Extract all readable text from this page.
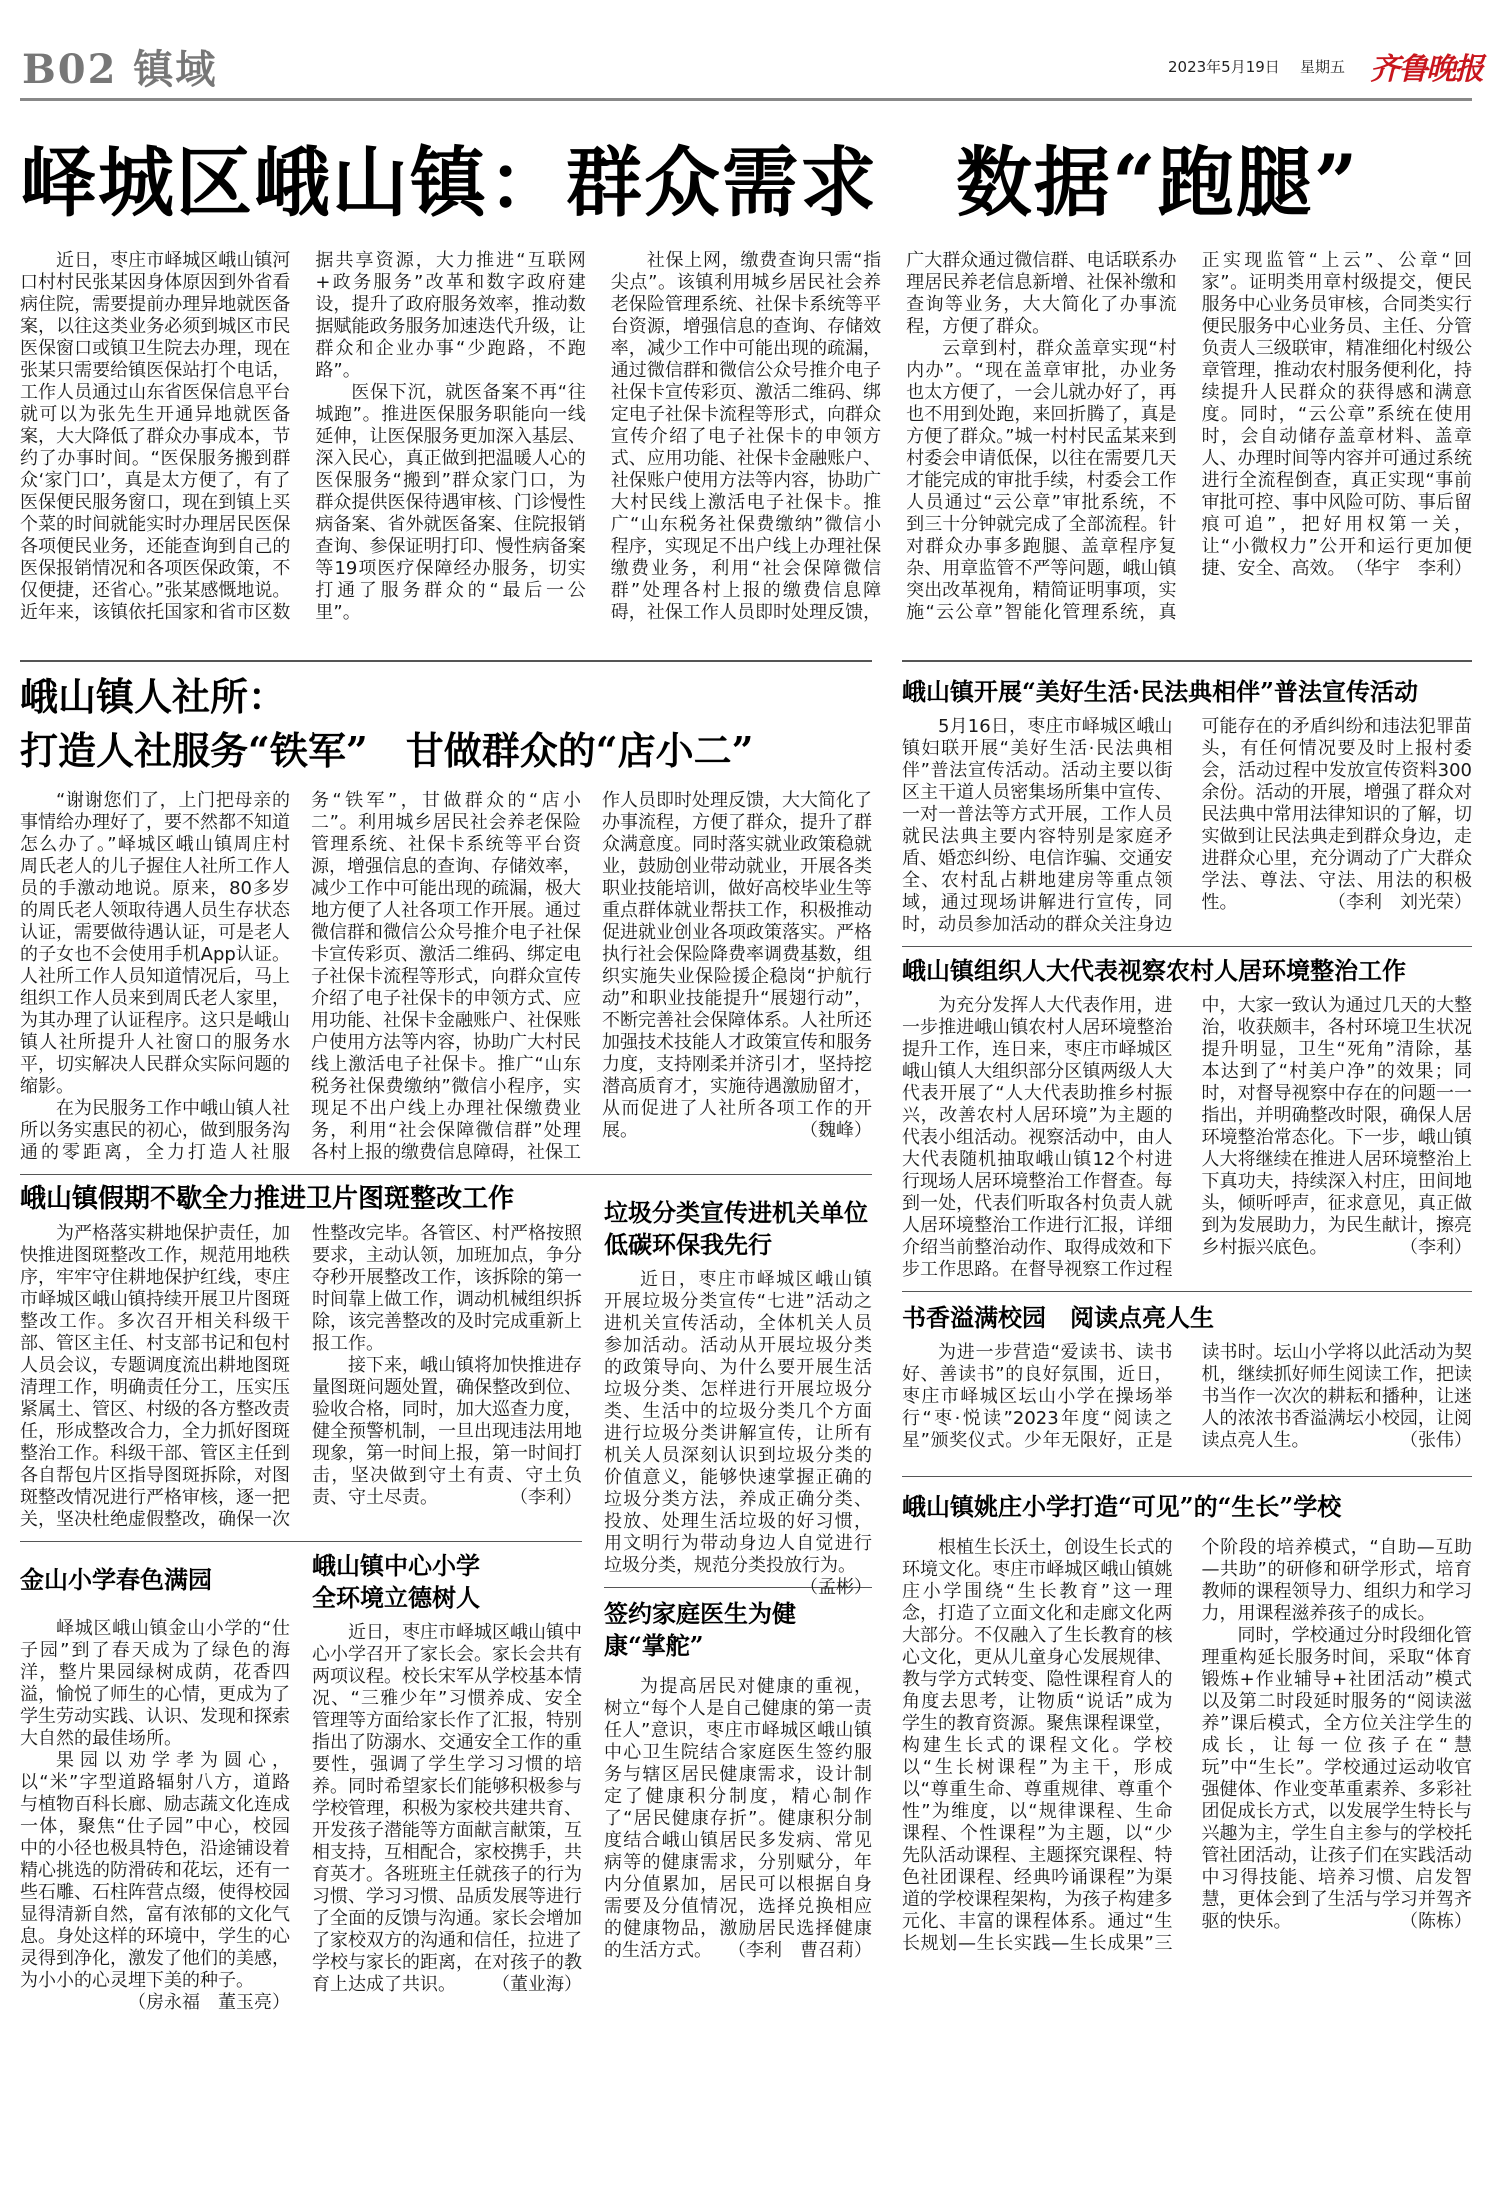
B02 镇域	2023年5月19日 星期五 齐鲁晚报
峄城区峨山镇：群众需求　数据“跑腿”

近日，枣庄市峄城区峨山镇河口村村民张某因身体原因到外省看病住院，需要提前办理异地就医备案，以往这类业务必须到城区市民医保窗口或镇卫生院去办理，现在张某只需要给镇医保站打个电话，工作人员通过山东省医保信息平台就可以为张先生开通异地就医备案，大大降低了群众办事成本，节约了办事时间。“医保服务搬到群众‘家门口’，真是太方便了，有了医保便民服务窗口，现在到镇上买个菜的时间就能实时办理居民医保各项便民业务，还能查询到自己的医保报销情况和各项医保政策，不仅便捷，还省心。”张某感慨地说。近年来，该镇依托国家和省市区数据共享资源，大力推进“互联网+政务服务”改革和数字政府建设，提升了政府服务效率，推动数据赋能政务服务加速迭代升级，让群众和企业办事“少跑路，不跑路”。

医保下沉，就医备案不再“往城跑”。推进医保服务职能向一线延伸，让医保服务更加深入基层、深入民心，真正做到把温暖人心的医保服务“搬到”群众家门口，为群众提供医保待遇审核、门诊慢性病备案、省外就医备案、住院报销查询、参保证明打印、慢性病备案等19项医疗保障经办服务，切实打通了服务群众的“最后一公里”。

社保上网，缴费查询只需“指尖点”。该镇利用城乡居民社会养老保险管理系统、社保卡系统等平台资源，增强信息的查询、存储效率，减少工作中可能出现的疏漏，通过微信群和微信公众号推介电子社保卡宣传彩页、激活二维码、绑定电子社保卡流程等形式，向群众宣传介绍了电子社保卡的申领方式、应用功能、社保卡金融账户、社保账户使用方法等内容，协助广大村民线上激活电子社保卡。推广“山东税务社保费缴纳”微信小程序，实现足不出户线上办理社保缴费业务，利用“社会保障微信群”处理各村上报的缴费信息障碍，社保工作人员即时处理反馈，广大群众通过微信群、电话联系办理居民养老信息新增、社保补缴和查询等业务，大大简化了办事流程，方便了群众。

云章到村，群众盖章实现“村内办”。“现在盖章审批，办业务也太方便了，一会儿就办好了，再也不用到处跑，来回折腾了，真是方便了群众。”城一村村民孟某来到村委会申请低保，以往在需要几天才能完成的审批手续，村委会工作人员通过“云公章”审批系统，不到三十分钟就完成了全部流程。针对群众办事多跑腿、盖章程序复杂、用章监管不严等问题，峨山镇突出改革视角，精简证明事项，实施“云公章”智能化管理系统，真正实现监管“上云”、公章“回家”。证明类用章村级提交，便民服务中心业务员审核，合同类实行便民服务中心业务员、主任、分管负责人三级联审，精准细化村级公章管理，推动农村服务便利化，持续提升人民群众的获得感和满意度。同时，“云公章”系统在使用时，会自动储存盖章材料、盖章人、办理时间等内容并可通过系统进行全流程倒查，真正实现“事前审批可控、事中风险可防、事后留痕可追”，把好用权第一关，让“小微权力”公开和运行更加便捷、安全、高效。 （华宇　李利）

峨山镇人社所：
打造人社服务“铁军”　甘做群众的“店小二”

“谢谢您们了，上门把母亲的事情给办理好了，要不然都不知道怎么办了。”峄城区峨山镇周庄村周氏老人的儿子握住人社所工作人员的手激动地说。原来，80多岁的周氏老人领取待遇人员生存状态认证，需要做待遇认证，可是老人的子女也不会使用手机App认证。人社所工作人员知道情况后，马上组织工作人员来到周氏老人家里，为其办理了认证程序。这只是峨山镇人社所提升人社窗口的服务水平，切实解决人民群众实际问题的缩影。

在为民服务工作中峨山镇人社所以务实惠民的初心，做到服务沟通的零距离，全力打造人社服务“铁军”，甘做群众的“店小二”。利用城乡居民社会养老保险管理系统、社保卡系统等平台资源，增强信息的查询、存储效率，减少工作中可能出现的疏漏，极大地方便了人社各项工作开展。通过微信群和微信公众号推介电子社保卡宣传彩页、激活二维码、绑定电子社保卡流程等形式，向群众宣传介绍了电子社保卡的申领方式、应用功能、社保卡金融账户、社保账户使用方法等内容，协助广大村民线上激活电子社保卡。推广“山东税务社保费缴纳”微信小程序，实现足不出户线上办理社保缴费业务，利用“社会保障微信群”处理各村上报的缴费信息障碍，社保工作人员即时处理反馈，大大简化了办事流程，方便了群众，提升了群众满意度。同时落实就业政策稳就业，鼓励创业带动就业，开展各类职业技能培训，做好高校毕业生等重点群体就业帮扶工作，积极推动促进就业创业各项政策落实。严格执行社会保险降费率调费基数，组织实施失业保险援企稳岗“护航行动”和职业技能提升“展翅行动”，不断完善社会保障体系。人社所还加强技术技能人才政策宣传和服务力度，支持刚柔并济引才，坚持挖潜高质育才，实施待遇激励留才，从而促进了人社所各项工作的开展。	（魏峰）

峨山镇假期不歇全力推进卫片图斑整改工作

为严格落实耕地保护责任，加快推进图斑整改工作，规范用地秩序，牢牢守住耕地保护红线，枣庄市峄城区峨山镇持续开展卫片图斑整改工作。多次召开相关科级干部、管区主任、村支部书记和包村人员会议，专题调度流出耕地图斑清理工作，明确责任分工，压实压紧属土、管区、村级的各方整改责任，形成整改合力，全力抓好图斑整治工作。科级干部、管区主任到各自帮包片区指导图斑拆除，对图斑整改情况进行严格审核，逐一把关，坚决杜绝虚假整改，确保一次性整改完毕。各管区、村严格按照要求，主动认领，加班加点，争分夺秒开展整改工作，该拆除的第一时间靠上做工作，调动机械组织拆除，该完善整改的及时完成重新上报工作。

接下来，峨山镇将加快推进存量图斑问题处置，确保整改到位、验收合格，同时，加大巡查力度，健全预警机制，一旦出现违法用地现象，第一时间上报，第一时间打击，坚决做到守土有责、守土负责、守土尽责。	（李利）

金山小学春色满园

峄城区峨山镇金山小学的“仕子园”到了春天成为了绿色的海洋，整片果园绿树成荫，花香四溢，愉悦了师生的心情，更成为了学生劳动实践、认识、发现和探索大自然的最佳场所。

果园以劝学孝为圆心，以“米”字型道路辐射八方，道路与植物百科长廊、励志蔬文化连成一体，聚焦“仕子园”中心，校园中的小径也极具特色，沿途铺设着精心挑选的防滑砖和花坛，还有一些石雕、石柱阵营点缀，使得校园显得清新自然，富有浓郁的文化气息。身处这样的环境中，学生的心灵得到净化，激发了他们的美感，为小小的心灵埋下美的种子。
（房永福　董玉亮）

峨山镇中心小学
全环境立德树人

近日，枣庄市峄城区峨山镇中心小学召开了家长会。家长会共有两项议程。校长宋军从学校基本情况、“三雅少年”习惯养成、安全管理等方面给家长作了汇报，特别指出了防溺水、交通安全工作的重要性，强调了学生学习习惯的培养。同时希望家长们能够积极参与学校管理，积极为家校共建共育、开发孩子潜能等方面献言献策，互相支持，互相配合，家校携手，共育英才。各班班主任就孩子的行为习惯、学习习惯、品质发展等进行了全面的反馈与沟通。家长会增加了家校双方的沟通和信任，拉进了学校与家长的距离，在对孩子的教育上达成了共识。 （董业海）

垃圾分类宣传进机关单位
低碳环保我先行

近日，枣庄市峄城区峨山镇开展垃圾分类宣传“七进”活动之进机关宣传活动，全体机关人员参加活动。活动从开展垃圾分类的政策导向、为什么要开展生活垃圾分类、怎样进行开展垃圾分类、生活中的垃圾分类几个方面进行垃圾分类讲解宣传，让所有机关人员深刻认识到垃圾分类的价值意义，能够快速掌握正确的垃圾分类方法，养成正确分类、投放、处理生活垃圾的好习惯，用文明行为带动身边人自觉进行垃圾分类，规范分类投放行为。
（孟彬）

签约家庭医生为健康“掌舵”

为提高居民对健康的重视，树立“每个人是自己健康的第一责任人”意识，枣庄市峄城区峨山镇中心卫生院结合家庭医生签约服务与辖区居民健康需求，设计制定了健康积分制度，精心制作了“居民健康存折”。健康积分制度结合峨山镇居民多发病、常见病等的健康需求，分别赋分，年内分值累加，居民可以根据自身需要及分值情况，选择兑换相应的健康物品，激励居民选择健康的生活方式。 （李利　曹召莉）

峨山镇开展“美好生活·民法典相伴”普法宣传活动

5月16日，枣庄市峄城区峨山镇妇联开展“美好生活·民法典相伴”普法宣传活动。活动主要以街区主干道人员密集场所集中宣传、一对一普法等方式开展，工作人员就民法典主要内容特别是家庭矛盾、婚恋纠纷、电信诈骗、交通安全、农村乱占耕地建房等重点领域，通过现场讲解进行宣传，同时，动员参加活动的群众关注身边可能存在的矛盾纠纷和违法犯罪苗头，有任何情况要及时上报村委会，活动过程中发放宣传资料300余份。活动的开展，增强了群众对民法典中常用法律知识的了解，切实做到让民法典走到群众身边，走进群众心里，充分调动了广大群众学法、尊法、守法、用法的积极性。	（李利　刘光荣）

峨山镇组织人大代表视察农村人居环境整治工作

为充分发挥人大代表作用，进一步推进峨山镇农村人居环境整治提升工作，连日来，枣庄市峄城区峨山镇人大组织部分区镇两级人大代表开展了“人大代表助推乡村振兴，改善农村人居环境”为主题的代表小组活动。视察活动中，由人大代表随机抽取峨山镇12个村进行现场人居环境整治工作督查。每到一处，代表们听取各村负责人就人居环境整治工作进行汇报，详细介绍当前整治动作、取得成效和下步工作思路。在督导视察工作过程中，大家一致认为通过几天的大整治，收获颇丰，各村环境卫生状况提升明显，卫生“死角”清除，基本达到了“村美户净”的效果；同时，对督导视察中存在的问题一一指出，并明确整改时限，确保人居环境整治常态化。下一步，峨山镇人大将继续在推进人居环境整治上下真功夫，持续深入村庄，田间地头，倾听呼声，征求意见，真正做到为发展助力，为民生献计，擦亮乡村振兴底色。	（李利）

书香溢满校园　阅读点亮人生

为进一步营造“爱读书、读书好、善读书”的良好氛围，近日，枣庄市峄城区坛山小学在操场举行“枣·悦读”2023年度“阅读之星”颁奖仪式。少年无限好，正是读书时。坛山小学将以此活动为契机，继续抓好师生阅读工作，把读书当作一次次的耕耘和播种，让迷人的浓浓书香溢满坛小校园，让阅读点亮人生。	（张伟）

峨山镇姚庄小学打造“可见”的“生长”学校

根植生长沃土，创设生长式的环境文化。枣庄市峄城区峨山镇姚庄小学围绕“生长教育”这一理念，打造了立面文化和走廊文化两大部分。不仅融入了生长教育的核心文化，更从儿童身心发展规律、教与学方式转变、隐性课程育人的角度去思考，让物质“说话”成为学生的教育资源。聚焦课程课堂，构建生长式的课程文化。学校以“生长树课程”为主干，形成以“尊重生命、尊重规律、尊重个性”为维度，以“规律课程、生命课程、个性课程”为主题，以“少先队活动课程、主题探究课程、特色社团课程、经典吟诵课程”为渠道的学校课程架构，为孩子构建多元化、丰富的课程体系。通过“生长规划—生长实践—生长成果”三个阶段的培养模式，“自助—互助—共助”的研修和研学形式，培育教师的课程领导力、组织力和学习力，用课程滋养孩子的成长。

同时，学校通过分时段细化管理重构延长服务时间，采取“体育锻炼+作业辅导+社团活动”模式以及第二时段延时服务的“阅读滋养”课后模式，全方位关注学生的成长，让每一位孩子在“慧玩”中“生长”。学校通过运动收官强健体、作业变革重素养、多彩社团促成长方式，以发展学生特长与兴趣为主，学生自主参与的学校托管社团活动，让孩子们在实践活动中习得技能、培养习惯、启发智慧，更体会到了生活与学习并驾齐驱的快乐。	（陈栋）
